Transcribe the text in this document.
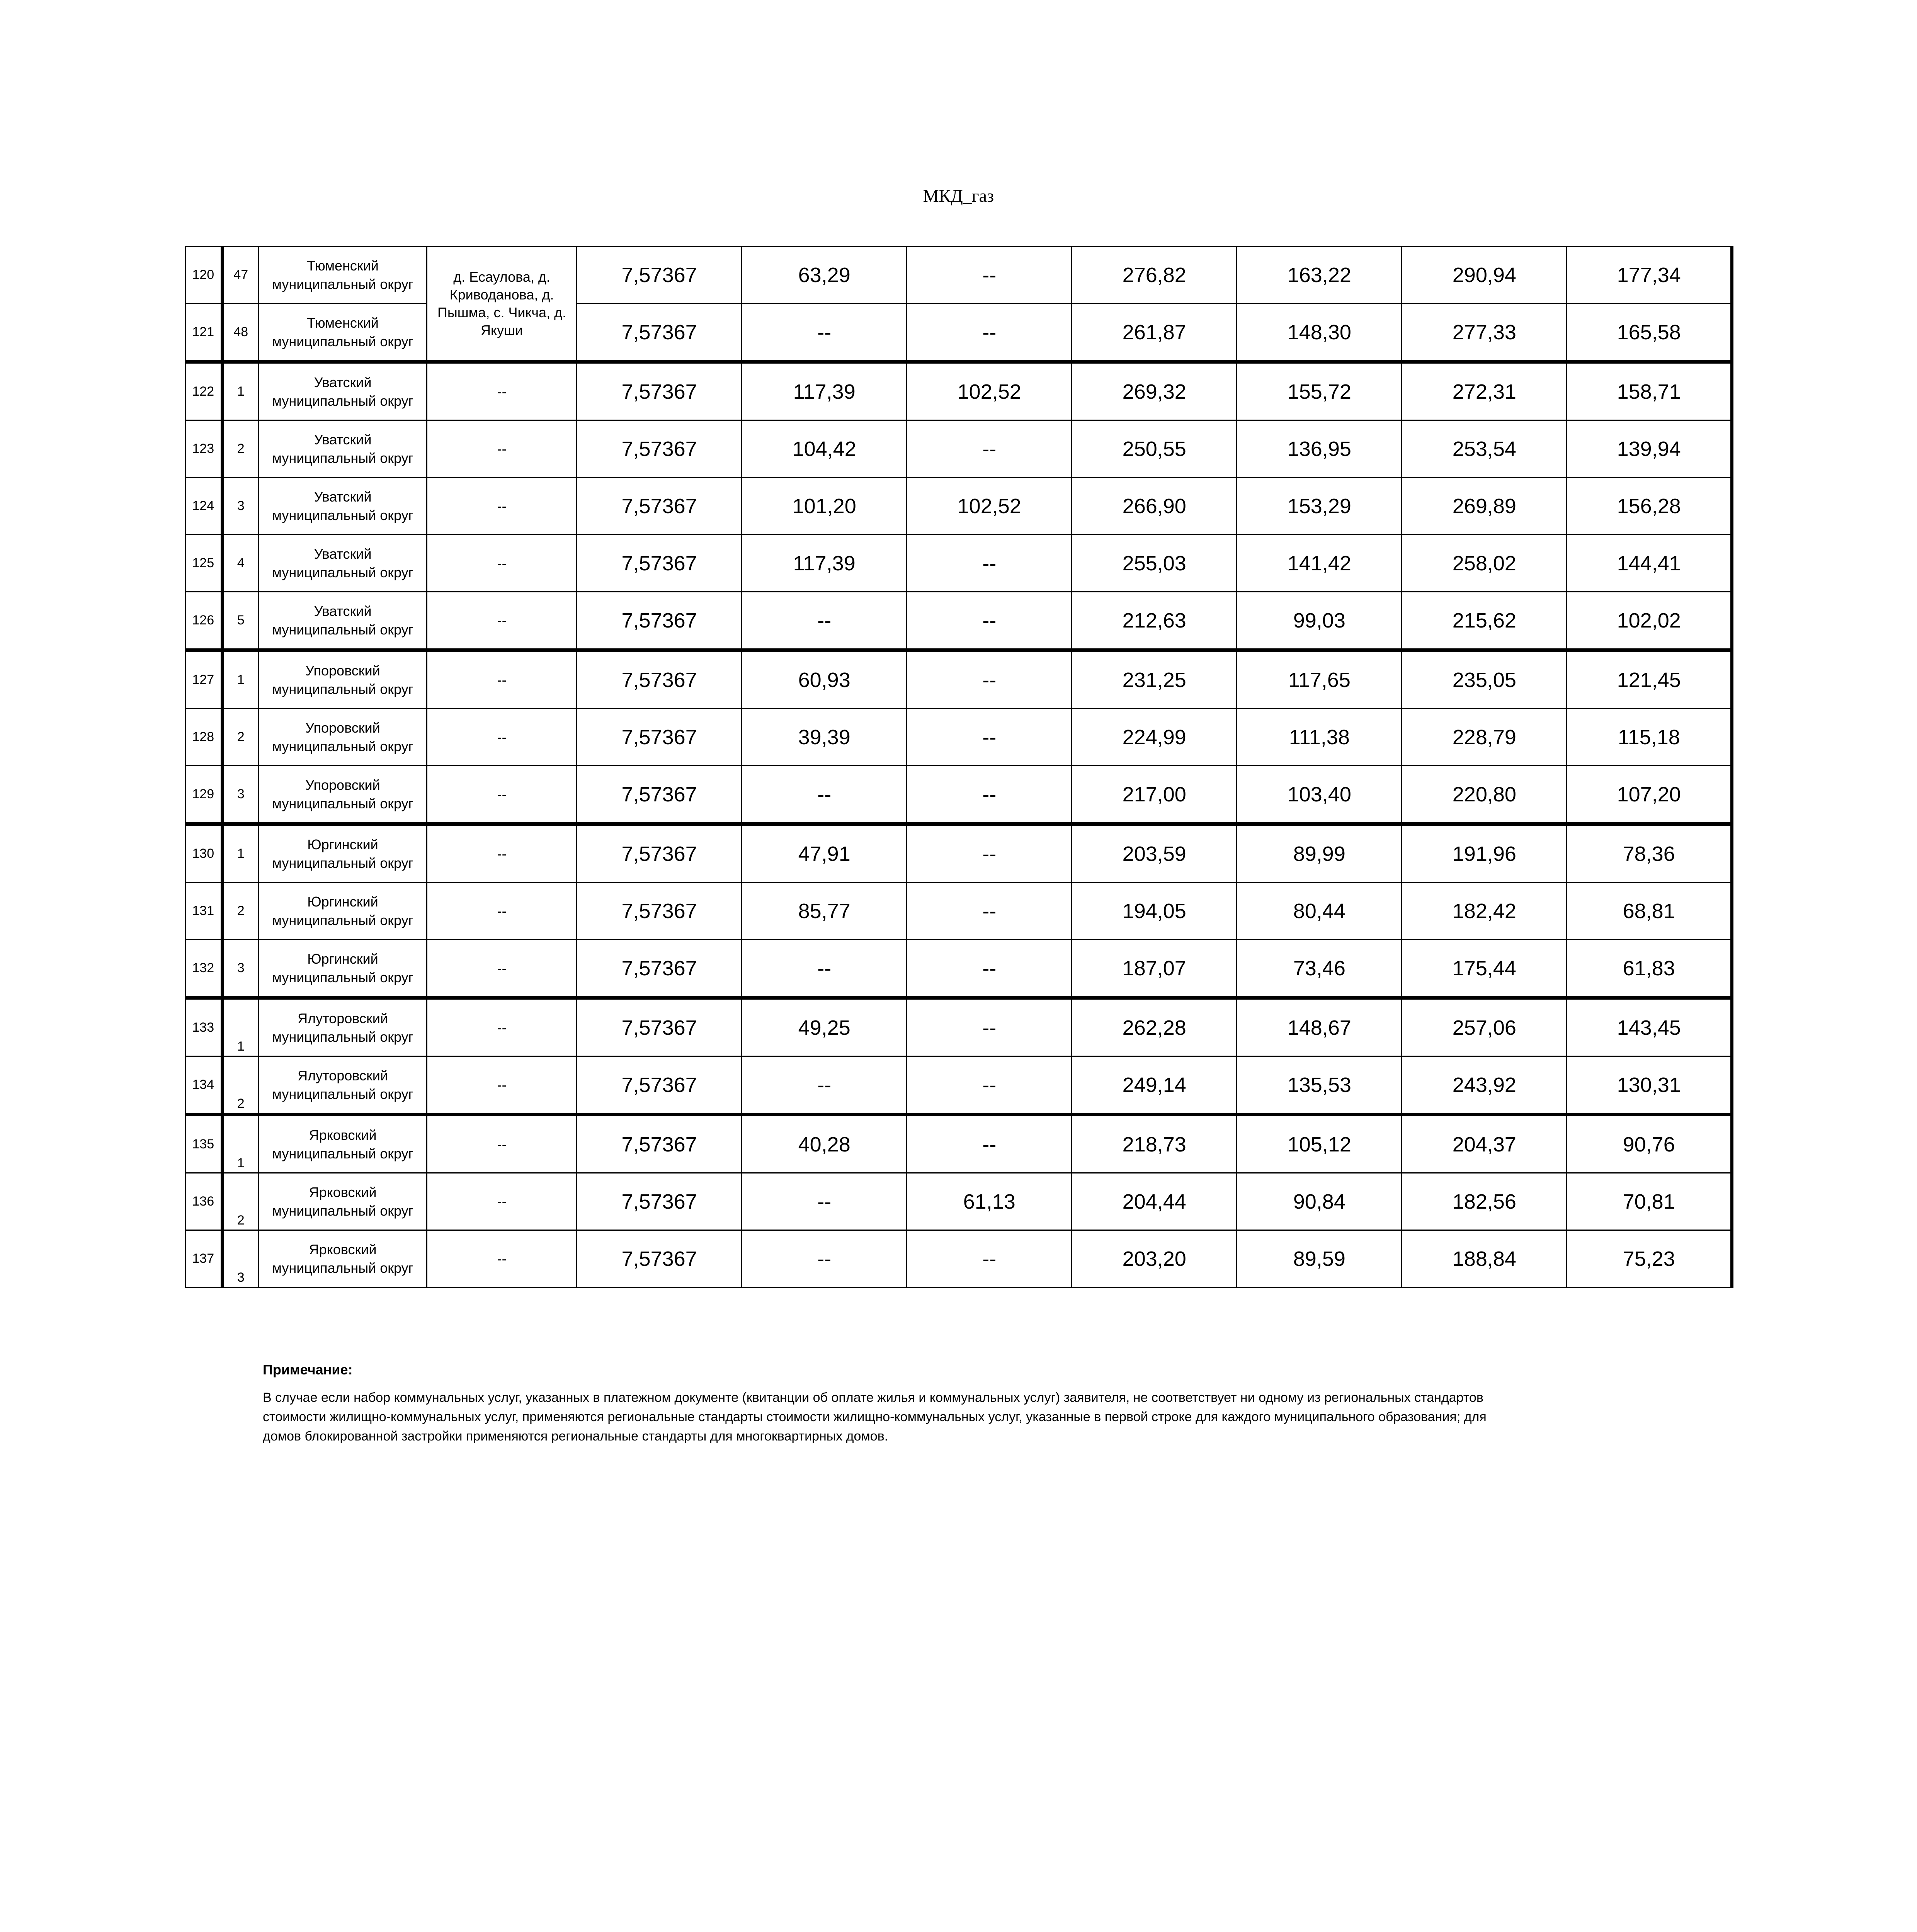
МКД_газ
120	47	Тюменский
муниципальный округ	д. Есаулова, д. Криводанова, д. Пышма, с. Чикча, д. Якуши	7,57367	63,29	--	276,82	163,22	290,94	177,34
121	48	Тюменский
муниципальный округ		7,57367	--	--	261,87	148,30	277,33	165,58
122	1	Уватский
муниципальный округ	--	7,57367	117,39	102,52	269,32	155,72	272,31	158,71
123	2	Уватский
муниципальный округ	--	7,57367	104,42	--	250,55	136,95	253,54	139,94
124	3	Уватский
муниципальный округ	--	7,57367	101,20	102,52	266,90	153,29	269,89	156,28
125	4	Уватский
муниципальный округ	--	7,57367	117,39	--	255,03	141,42	258,02	144,41
126	5	Уватский
муниципальный округ	--	7,57367	--	--	212,63	99,03	215,62	102,02
127	1	Упоровский
муниципальный округ	--	7,57367	60,93	--	231,25	117,65	235,05	121,45
128	2	Упоровский
муниципальный округ	--	7,57367	39,39	--	224,99	111,38	228,79	115,18
129	3	Упоровский
муниципальный округ	--	7,57367	--	--	217,00	103,40	220,80	107,20
130	1	Юргинский
муниципальный округ	--	7,57367	47,91	--	203,59	89,99	191,96	78,36
131	2	Юргинский
муниципальный округ	--	7,57367	85,77	--	194,05	80,44	182,42	68,81
132	3	Юргинский
муниципальный округ	--	7,57367	--	--	187,07	73,46	175,44	61,83
133	1	Ялуторовский
муниципальный округ	--	7,57367	49,25	--	262,28	148,67	257,06	143,45
134	2	Ялуторовский
муниципальный округ	--	7,57367	--	--	249,14	135,53	243,92	130,31
135	1	Ярковский
муниципальный округ	--	7,57367	40,28	--	218,73	105,12	204,37	90,76
136	2	Ярковский
муниципальный округ	--	7,57367	--	61,13	204,44	90,84	182,56	70,81
137	3	Ярковский
муниципальный округ	--	7,57367	--	--	203,20	89,59	188,84	75,23
Примечание:
В случае если набор коммунальных услуг, указанных в платежном документе (квитанции об оплате жилья и коммунальных услуг) заявителя, не соответствует ни одному из региональных стандартов
стоимости жилищно-коммунальных услуг, применяются региональные стандарты стоимости жилищно-коммунальных услуг, указанные в первой строке для каждого муниципального образования; для
домов блокированной застройки применяются региональные стандарты для многоквартирных домов.
